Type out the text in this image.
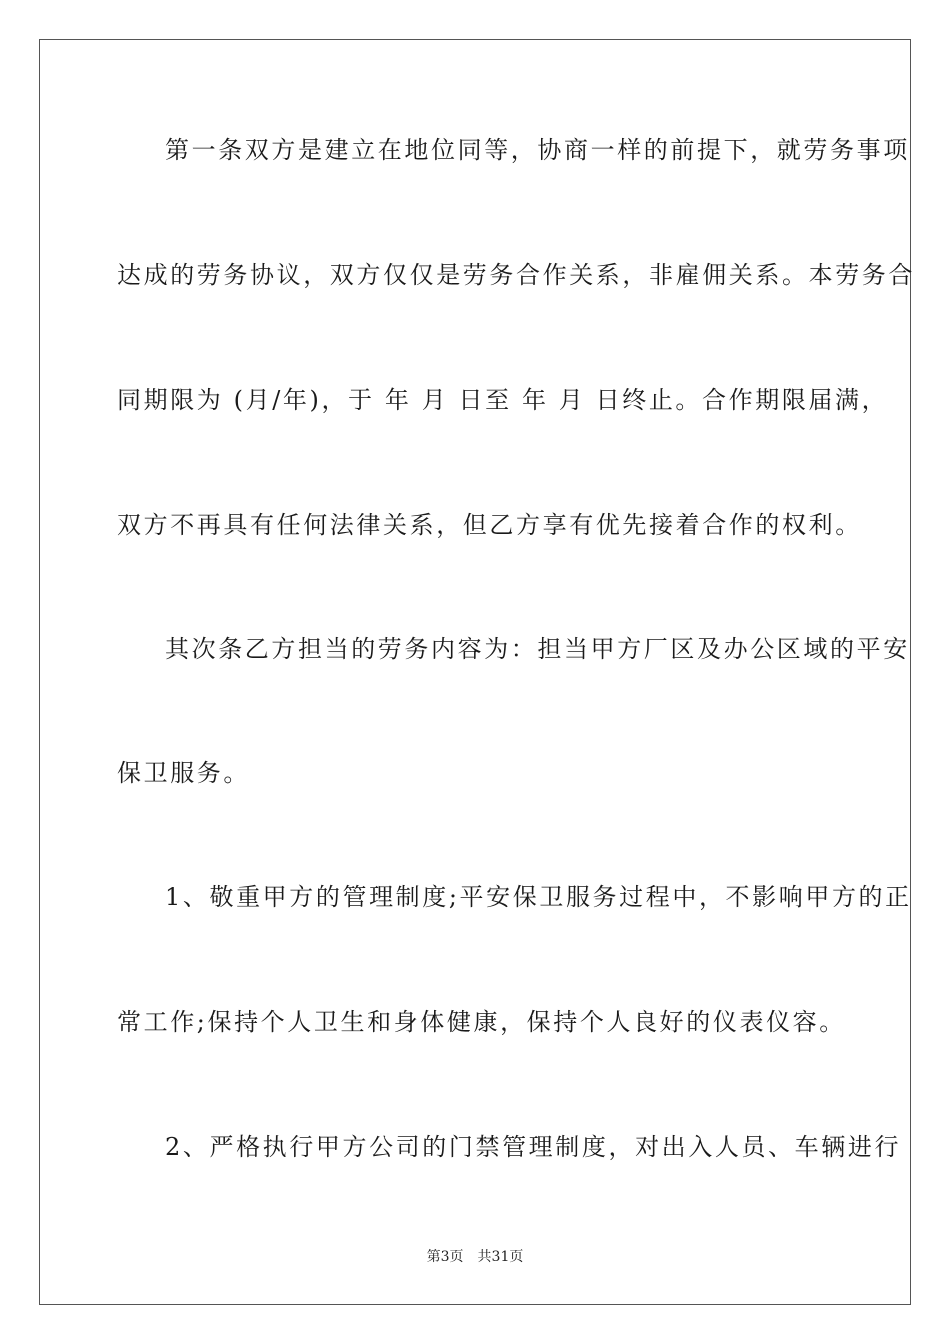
第一条双方是建立在地位同等，协商一样的前提下，就劳务事项
达成的劳务协议，双方仅仅是劳务合作关系，非雇佣关系。本劳务合
同期限为 (月/年)，于 年 月 日至 年 月 日终止。合作期限届满，
双方不再具有任何法律关系，但乙方享有优先接着合作的权利。
其次条乙方担当的劳务内容为：担当甲方厂区及办公区域的平安
保卫服务。
1、敬重甲方的管理制度;平安保卫服务过程中，不影响甲方的正
常工作;保持个人卫生和身体健康，保持个人良好的仪表仪容。
2、严格执行甲方公司的门禁管理制度，对出入人员、车辆进行
第3页 共31页
